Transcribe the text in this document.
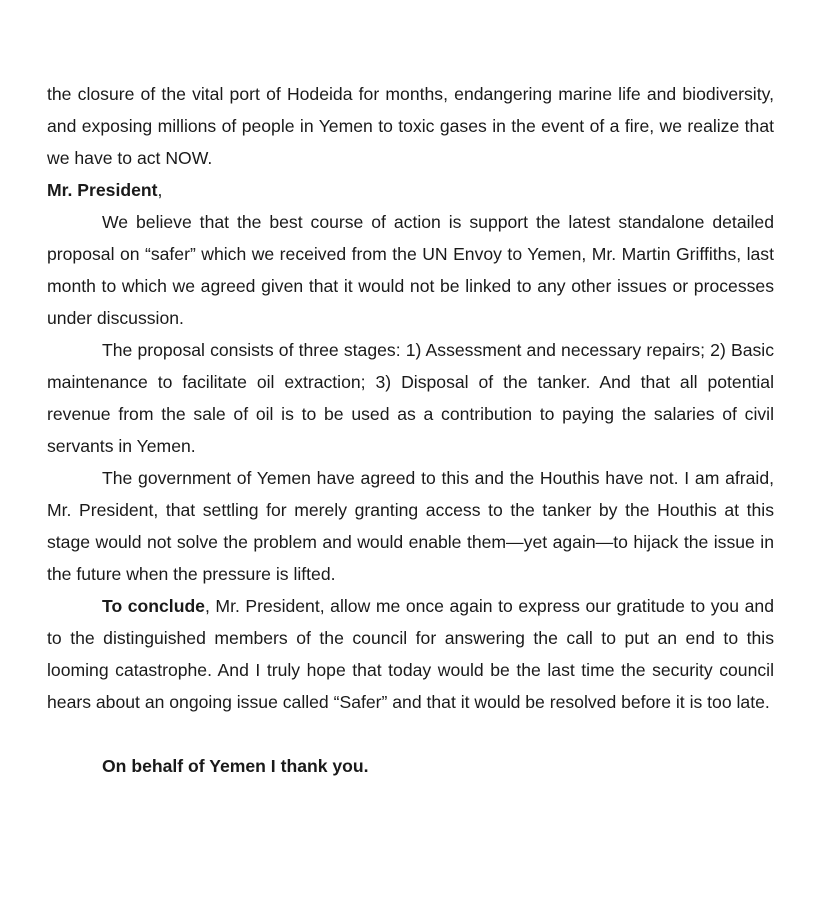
the closure of the vital port of Hodeida for months, endangering marine life and biodiversity, and exposing millions of people in Yemen to toxic gases in the event of a fire, we realize that we have to act NOW.

Mr. President,

We believe that the best course of action is support the latest standalone detailed proposal on “safer” which we received from the UN Envoy to Yemen, Mr. Martin Griffiths, last month to which we agreed given that it would not be linked to any other issues or processes under discussion.

The proposal consists of three stages: 1) Assessment and necessary repairs; 2) Basic maintenance to facilitate oil extraction; 3) Disposal of the tanker. And that all potential revenue from the sale of oil is to be used as a contribution to paying the salaries of civil servants in Yemen.

The government of Yemen have agreed to this and the Houthis have not. I am afraid, Mr. President, that settling for merely granting access to the tanker by the Houthis at this stage would not solve the problem and would enable them—yet again—to hijack the issue in the future when the pressure is lifted.

To conclude, Mr. President, allow me once again to express our gratitude to you and to the distinguished members of the council for answering the call to put an end to this looming catastrophe. And I truly hope that today would be the last time the security council hears about an ongoing issue called “Safer” and that it would be resolved before it is too late.

On behalf of Yemen I thank you.
